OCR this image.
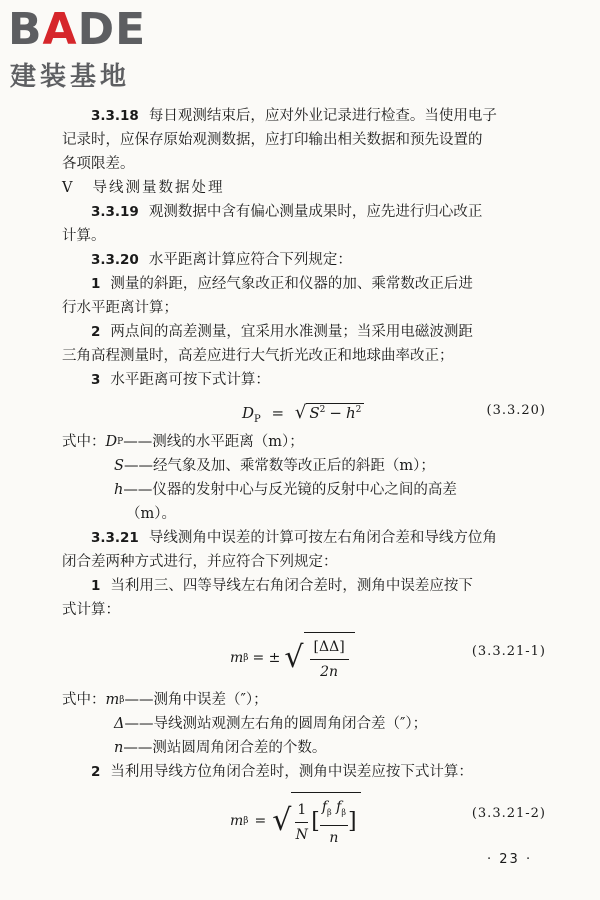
BADE
建装基地

3.3.18 每日观测结束后，应对外业记录进行检查。当使用电子

记录时，应保存原始观测数据，应打印输出相关数据和预先设置的

各项限差。

V 导线测量数据处理

3.3.19 观测数据中含有偏心测量成果时，应先进行归心改正

计算。

3.3.20 水平距离计算应符合下列规定：

1 测量的斜距，应经气象改正和仪器的加、乘常数改正后进

行水平距离计算；

2 两点间的高差测量，宜采用水准测量；当采用电磁波测距

三角高程测量时，高差应进行大气折光改正和地球曲率改正；

3 水平距离可按下式计算：

$D_P$ = √ $S^2 - h^2$	(3.3.20)
式中： $D_P$ ——测线的水平距离（m）；
S ——经气象及加、乘常数等改正后的斜距（m）；
h ——仪器的发射中心与反光镜的反射中心之间的高差
（m）。

3.3.21 导线测角中误差的计算可按左右角闭合差和导线方位角

闭合差两种方式进行，并应符合下列规定：

1 当利用三、四等导线左右角闭合差时，测角中误差应按下

式计算：

m β = ± √ $\frac{[\Delta\Delta]}{2n}$	(3.3.21-1)
式中： $m_\beta$ ——测角中误差（″）；
Δ ——导线测站观测左右角的圆周角闭合差（″）；
n ——测站圆周角闭合差的个数。

2 当利用导线方位角闭合差时，测角中误差应按下式计算：

m β = √ $\frac{1}{N}$ [ $\frac{f_\beta f_\beta}{n}$ ]	(3.3.21-2)
· 23 ·
